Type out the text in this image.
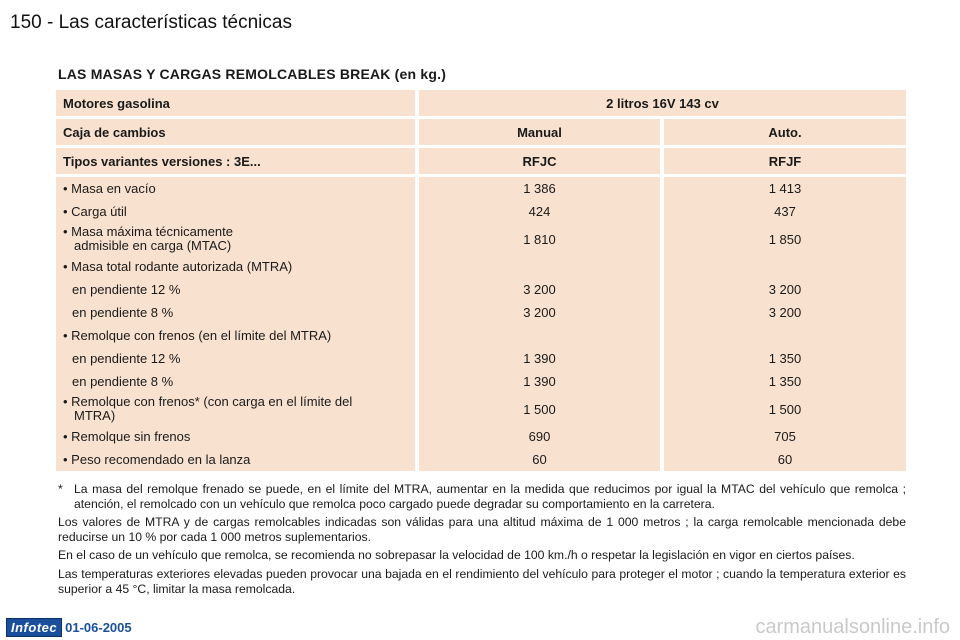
150 - Las características técnicas
LAS MASAS Y CARGAS REMOLCABLES BREAK (en kg.)
Motores gasolina	2 litros 16V 143 cv
Caja de cambios	Manual	Auto.
Tipos variantes versiones : 3E...	RFJC	RFJF
• Masa en vacío	1 386	1 413
• Carga útil	424	437
• Masa máxima técnicamente
admisible en carga (MTAC)	1 810	1 850
• Masa total rodante autorizada (MTRA)
en pendiente 12 %	3 200	3 200
en pendiente 8 %	3 200	3 200
• Remolque con frenos (en el límite del MTRA)
en pendiente 12 %	1 390	1 350
en pendiente 8 %	1 390	1 350
• Remolque con frenos* (con carga en el límite del
MTRA)	1 500	1 500
• Remolque sin frenos	690	705
• Peso recomendado en la lanza	60	60
* La masa del remolque frenado se puede, en el límite del MTRA, aumentar en la medida que reducimos por igual la MTAC del vehículo que remolca ; atención, el remolcado con un vehículo que remolca poco cargado puede degradar su comportamiento en la carretera.

Los valores de MTRA y de cargas remolcables indicadas son válidas para una altitud máxima de 1 000 metros ; la carga remolcable mencionada debe reducirse un 10 % por cada 1 000 metros suplementarios.

En el caso de un vehículo que remolca, se recomienda no sobrepasar la velocidad de 100 km./h o respetar la legislación en vigor en ciertos países.

Las temperaturas exteriores elevadas pueden provocar una bajada en el rendimiento del vehículo para proteger el motor ; cuando la temperatura exterior es superior a 45 °C, limitar la masa remolcada.

Infotec 01-06-2005	carmanualsonline.info
